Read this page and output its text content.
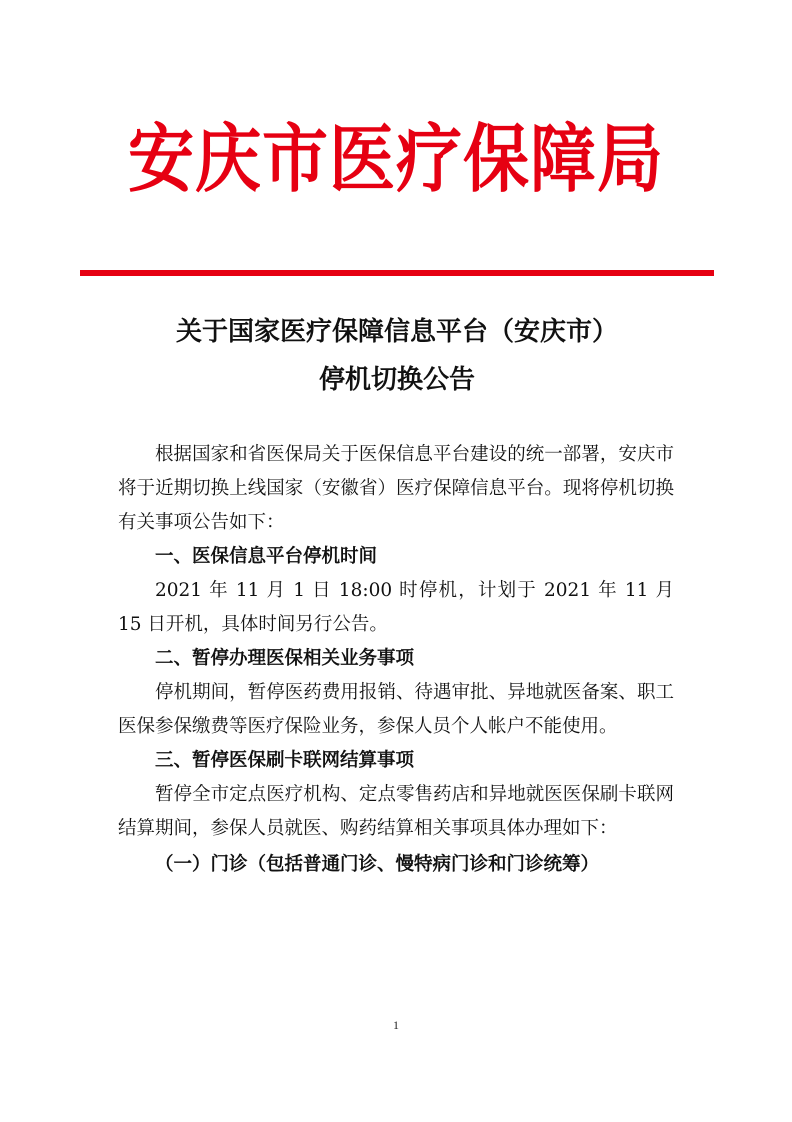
安庆市医疗保障局
关于国家医疗保障信息平台（安庆市）
停机切换公告

根据国家和省医保局关于医保信息平台建设的统一部署，安庆市将于近期切换上线国家（安徽省）医疗保障信息平台。现将停机切换有关事项公告如下：

一、医保信息平台停机时间

2021 年 11 月 1 日 18:00 时停机，计划于 2021 年 11 月 15 日开机，具体时间另行公告。

二、暂停办理医保相关业务事项

停机期间，暂停医药费用报销、待遇审批、异地就医备案、职工医保参保缴费等医疗保险业务，参保人员个人帐户不能使用。

三、暂停医保刷卡联网结算事项

暂停全市定点医疗机构、定点零售药店和异地就医医保刷卡联网结算期间，参保人员就医、购药结算相关事项具体办理如下：

（一）门诊（包括普通门诊、慢特病门诊和门诊统筹）

1
